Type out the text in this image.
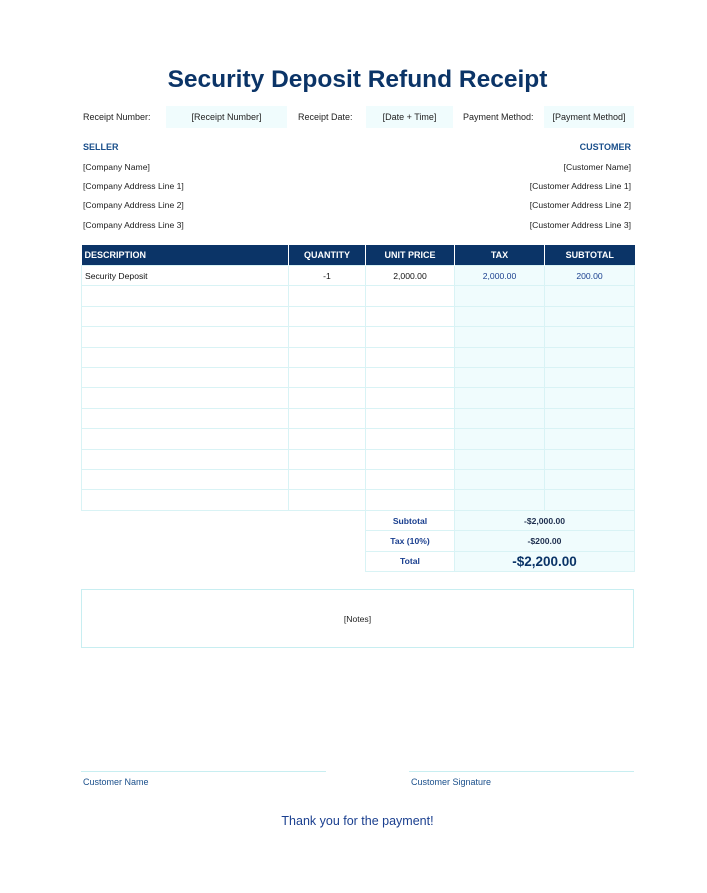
Security Deposit Refund Receipt
Receipt Number:	[Receipt Number]	Receipt Date:	[Date + Time]	Payment Method:	[Payment Method]
SELLER
[Company Name]
[Company Address Line 1]
[Company Address Line 2]
[Company Address Line 3]
CUSTOMER
[Customer Name]
[Customer Address Line 1]
[Customer Address Line 2]
[Customer Address Line 3]
DESCRIPTION	QUANTITY	UNIT PRICE	TAX	SUBTOTAL
Security Deposit	-1	2,000.00	2,000.00	200.00

Subtotal	-$2,000.00
Tax (10%)	-$200.00
Total	-$2,200.00
[Notes]
Customer Name	Customer Signature
Thank you for the payment!
